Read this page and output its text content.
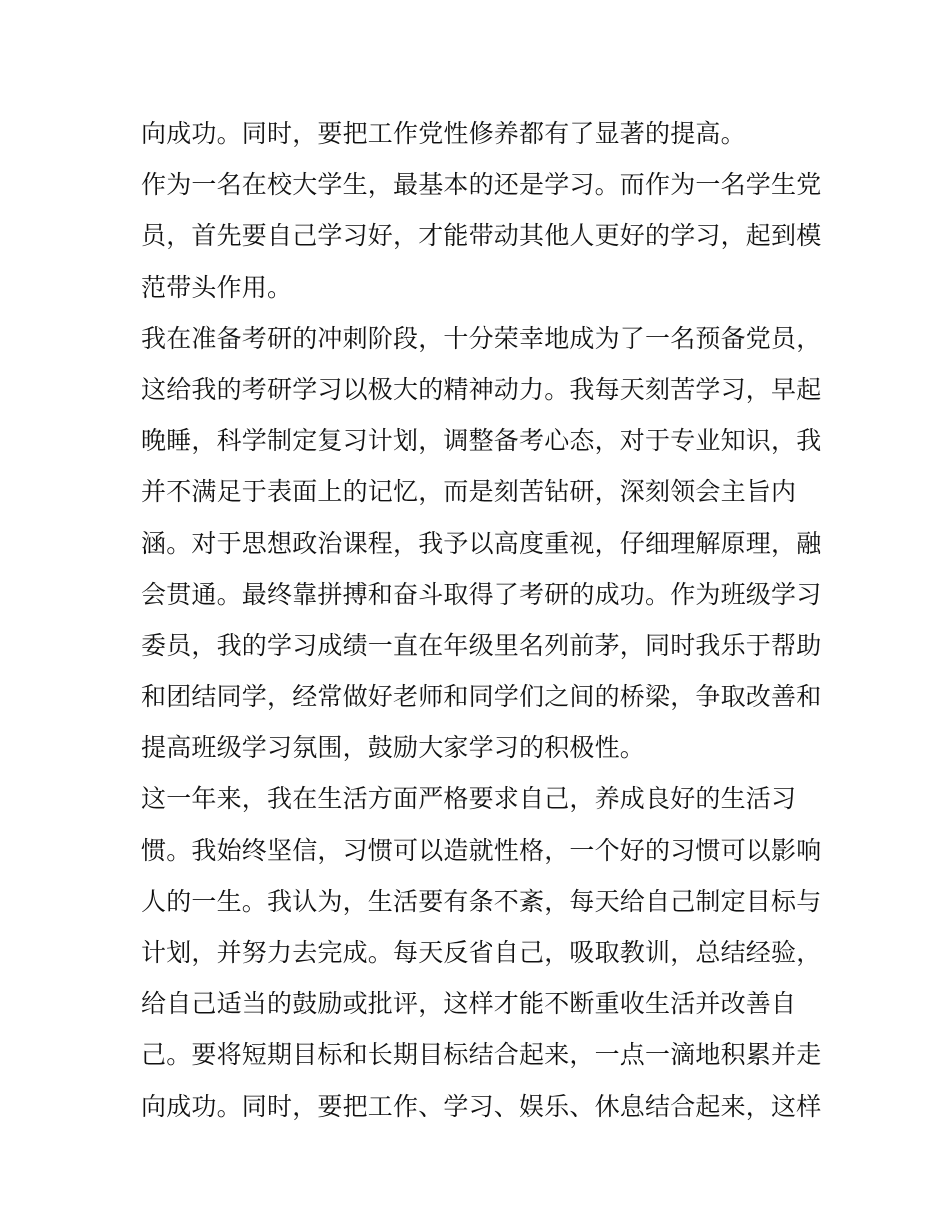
向成功。同时，要把工作党性修养都有了显著的提高。
作为一名在校大学生，最基本的还是学习。而作为一名学生党
员，首先要自己学习好，才能带动其他人更好的学习，起到模
范带头作用。
我在准备考研的冲刺阶段，十分荣幸地成为了一名预备党员，
这给我的考研学习以极大的精神动力。我每天刻苦学习，早起
晚睡，科学制定复习计划，调整备考心态，对于专业知识，我
并不满足于表面上的记忆，而是刻苦钻研，深刻领会主旨内
涵。对于思想政治课程，我予以高度重视，仔细理解原理，融
会贯通。最终靠拼搏和奋斗取得了考研的成功。作为班级学习
委员，我的学习成绩一直在年级里名列前茅，同时我乐于帮助
和团结同学，经常做好老师和同学们之间的桥梁，争取改善和
提高班级学习氛围，鼓励大家学习的积极性。
这一年来，我在生活方面严格要求自己，养成良好的生活习
惯。我始终坚信，习惯可以造就性格，一个好的习惯可以影响
人的一生。我认为，生活要有条不紊，每天给自己制定目标与
计划，并努力去完成。每天反省自己，吸取教训，总结经验，
给自己适当的鼓励或批评，这样才能不断重收生活并改善自
己。要将短期目标和长期目标结合起来，一点一滴地积累并走
向成功。同时，要把工作、学习、娱乐、休息结合起来，这样
